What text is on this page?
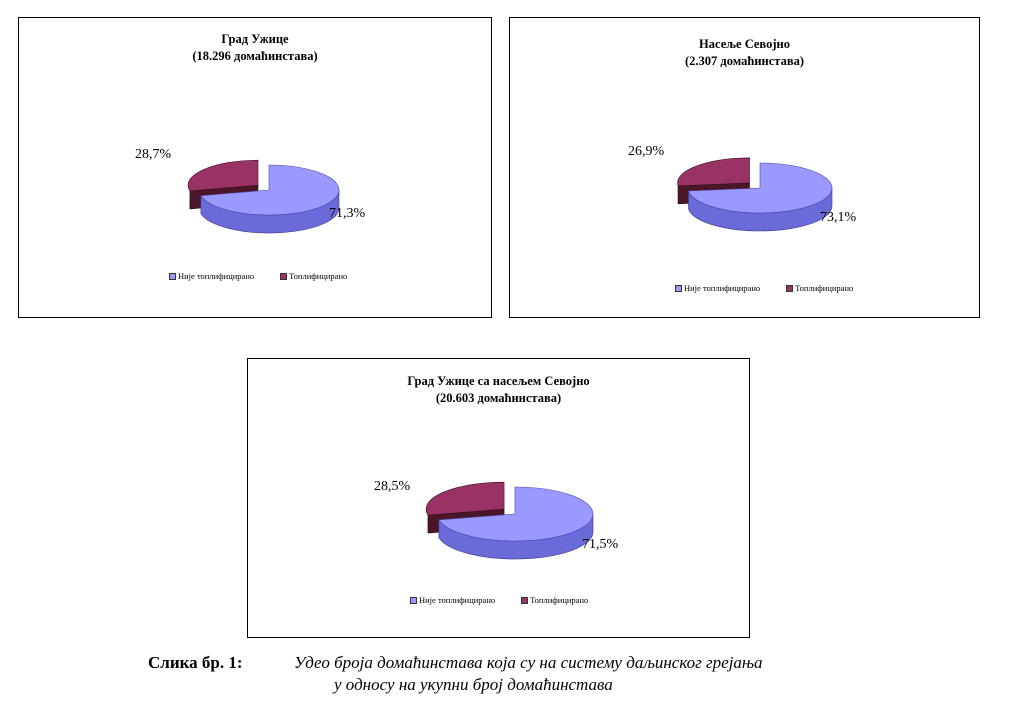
Град Ужице
(18.296 домаћинстава)
28,7%
71,3%
Није топлифицирано	Топлифицирано
Насеље Севојно
(2.307 домаћинстава)
26,9%
73,1%
Није топлифицирано	Топлифицирано
Град Ужице са насељем Севојно
(20.603 домаћинстава)
28,5%
71,5%
Није топлифицирано	Топлифицирано
Слика бр. 1:	Удео броја домаћинстава која су на систему даљинског грејања
у односу на укупни број домаћинстава
